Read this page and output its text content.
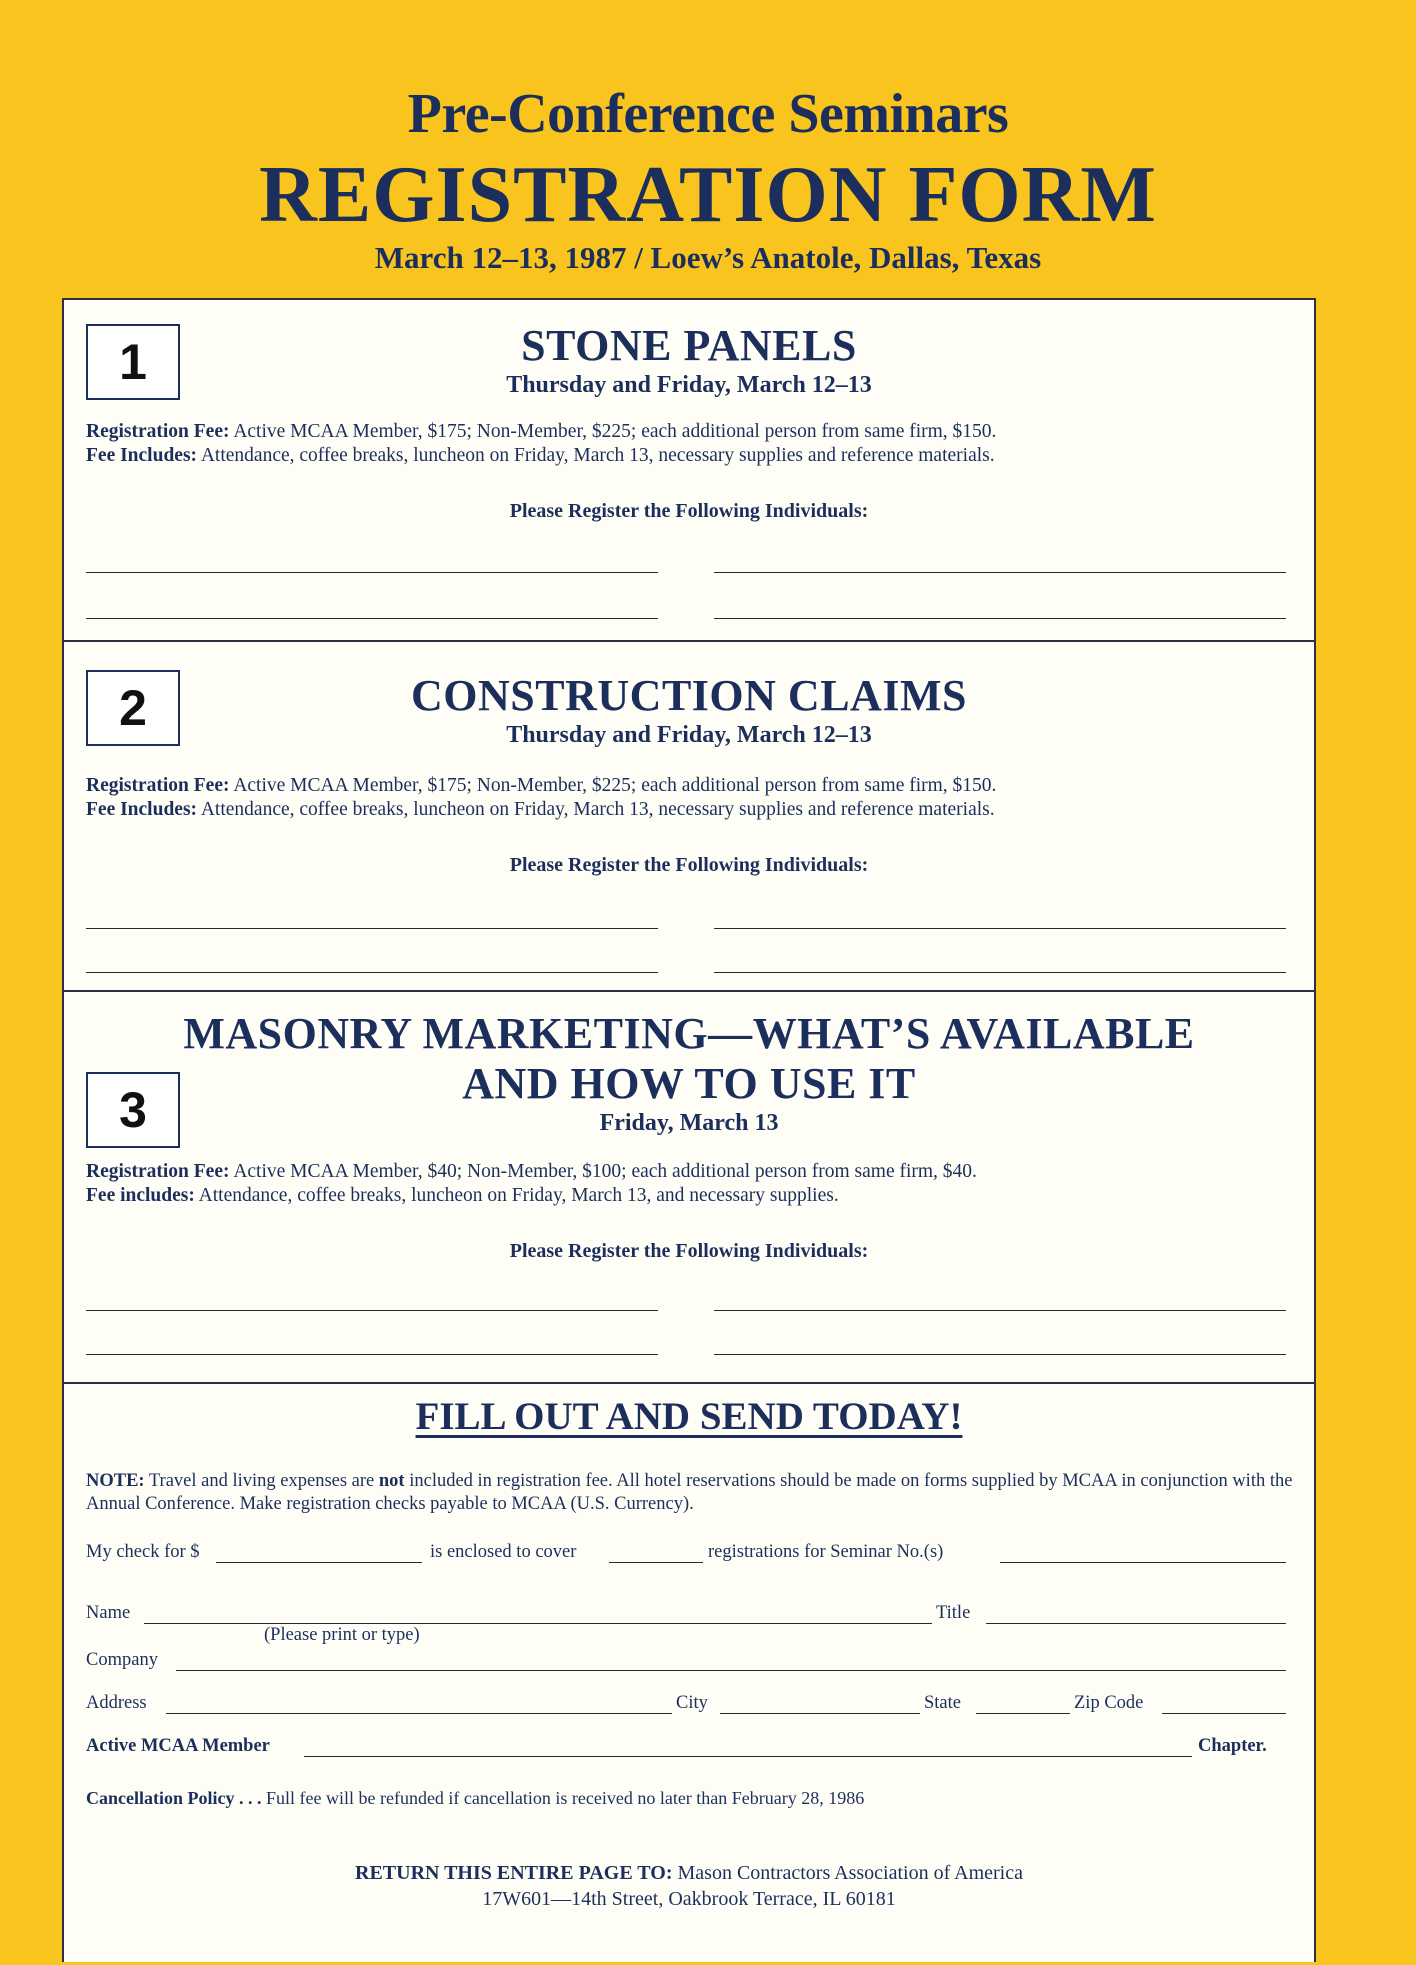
Pre-Conference Seminars
REGISTRATION FORM
March 12–13, 1987 / Loew’s Anatole, Dallas, Texas
1	STONE PANELS
Thursday and Friday, March 12–13
Registration Fee: Active MCAA Member, $175; Non-Member, $225; each additional person from same firm, $150.
Fee Includes: Attendance, coffee breaks, luncheon on Friday, March 13, necessary supplies and reference materials.
Please Register the Following Individuals:
2	CONSTRUCTION CLAIMS
Thursday and Friday, March 12–13
Registration Fee: Active MCAA Member, $175; Non-Member, $225; each additional person from same firm, $150.
Fee Includes: Attendance, coffee breaks, luncheon on Friday, March 13, necessary supplies and reference materials.
Please Register the Following Individuals:
3
MASONRY MARKETING—WHAT’S AVAILABLE
AND HOW TO USE IT
Friday, March 13
Registration Fee: Active MCAA Member, $40; Non-Member, $100; each additional person from same firm, $40.
Fee includes: Attendance, coffee breaks, luncheon on Friday, March 13, and necessary supplies.
Please Register the Following Individuals:
FILL OUT AND SEND TODAY!
NOTE: Travel and living expenses are not included in registration fee. All hotel reservations should be made on forms supplied by MCAA in conjunction with the Annual Conference. Make registration checks payable to MCAA (U.S. Currency).
My check for $	is enclosed to cover	registrations for Seminar No.(s)
Name	Title
(Please print or type)
Company
Address	City	State	Zip Code
Active MCAA Member	Chapter.
Cancellation Policy . . . Full fee will be refunded if cancellation is received no later than February 28, 1986
RETURN THIS ENTIRE PAGE TO: Mason Contractors Association of America
17W601—14th Street, Oakbrook Terrace, IL 60181
